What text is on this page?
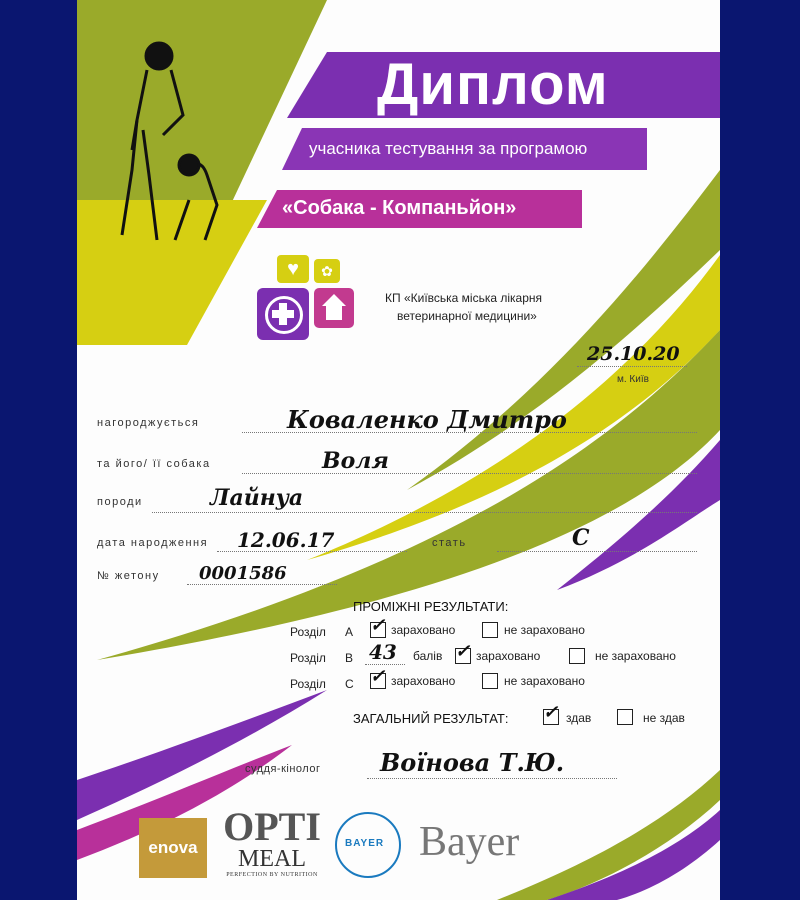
Диплом
учасника тестування за програмою
«Собака - Компаньйон»
♥	✿
КП «Київська міська лікарня
ветеринарної медицини»
25.10.20
м. Київ
нагороджується	Коваленко Дмитро
та його/ її собака	Воля
породи	Лайнуа
дата народження 12.06.17	стать	С
№ жетону 0001586
ПРОМІЖНІ РЕЗУЛЬТАТИ:
Розділ А ✓ зараховано	не зараховано
Розділ В 43 балів ✓ зараховано	не зараховано
Розділ С ✓ зараховано	не зараховано
ЗАГАЛЬНИЙ РЕЗУЛЬТАТ: ✓ здав	не здав
суддя-кінолог Воїнова Т.Ю.
enova OPTI
MEAL
PERFECTION BY NUTRITION
BAYER Bayer
